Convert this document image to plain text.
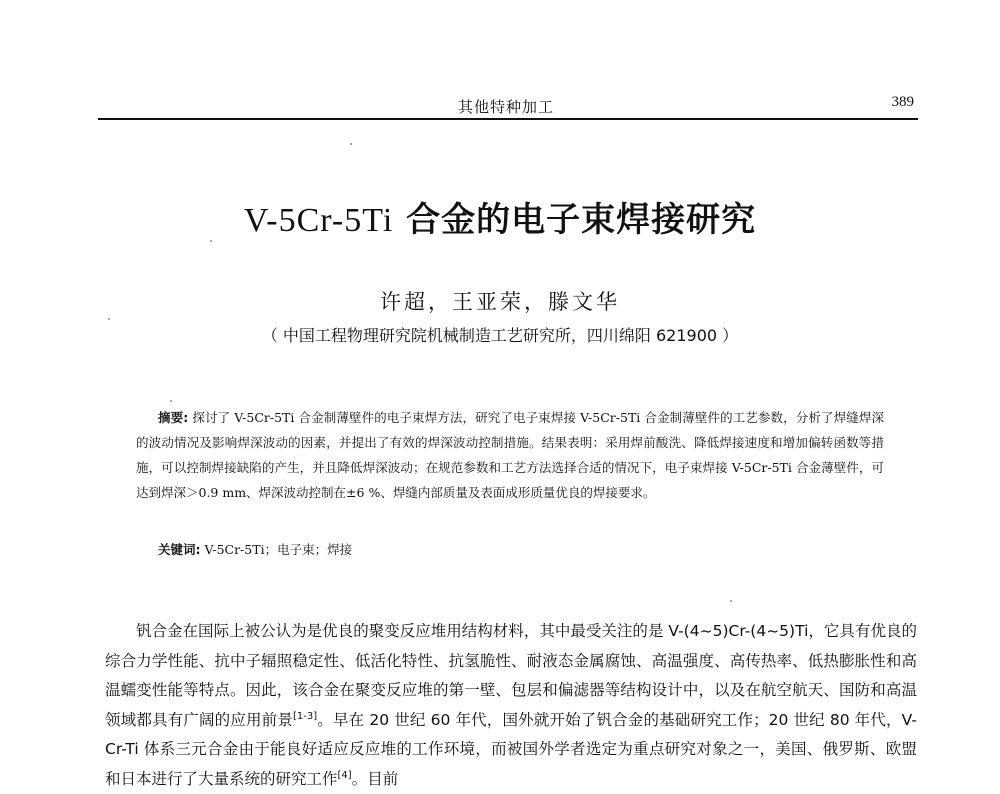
其他特种加工	389
V-5Cr-5Ti 合金的电子束焊接研究
许超，王亚荣，滕文华
（ 中国工程物理研究院机械制造工艺研究所，四川绵阳 621900 ）
摘要: 探讨了 V-5Cr-5Ti 合金制薄壁件的电子束焊方法，研究了电子束焊接 V-5Cr-5Ti 合金制薄壁件的工艺参数，分析了焊缝焊深的波动情况及影响焊深波动的因素，并提出了有效的焊深波动控制措施。结果表明：采用焊前酸洗、降低焊接速度和增加偏转函数等措施，可以控制焊接缺陷的产生，并且降低焊深波动；在规范参数和工艺方法选择合适的情况下，电子束焊接 V-5Cr-5Ti 合金薄壁件，可达到焊深＞0.9 mm、焊深波动控制在±6 %、焊缝内部质量及表面成形质量优良的焊接要求。
关键词: V-5Cr-5Ti；电子束；焊接

钒合金在国际上被公认为是优良的聚变反应堆用结构材料，其中最受关注的是 V-(4~5)Cr-(4~5)Ti，它具有优良的综合力学性能、抗中子辐照稳定性、低活化特性、抗氢脆性、耐液态金属腐蚀、高温强度、高传热率、低热膨胀性和高温蠕变性能等特点。因此，该合金在聚变反应堆的第一壁、包层和偏滤器等结构设计中，以及在航空航天、国防和高温领域都具有广阔的应用前景[1-3]。早在 20 世纪 60 年代，国外就开始了钒合金的基础研究工作；20 世纪 80 年代，V-Cr-Ti 体系三元合金由于能良好适应反应堆的工作环境，而被国外学者选定为重点研究对象之一，美国、俄罗斯、欧盟和日本进行了大量系统的研究工作[4]。目前
